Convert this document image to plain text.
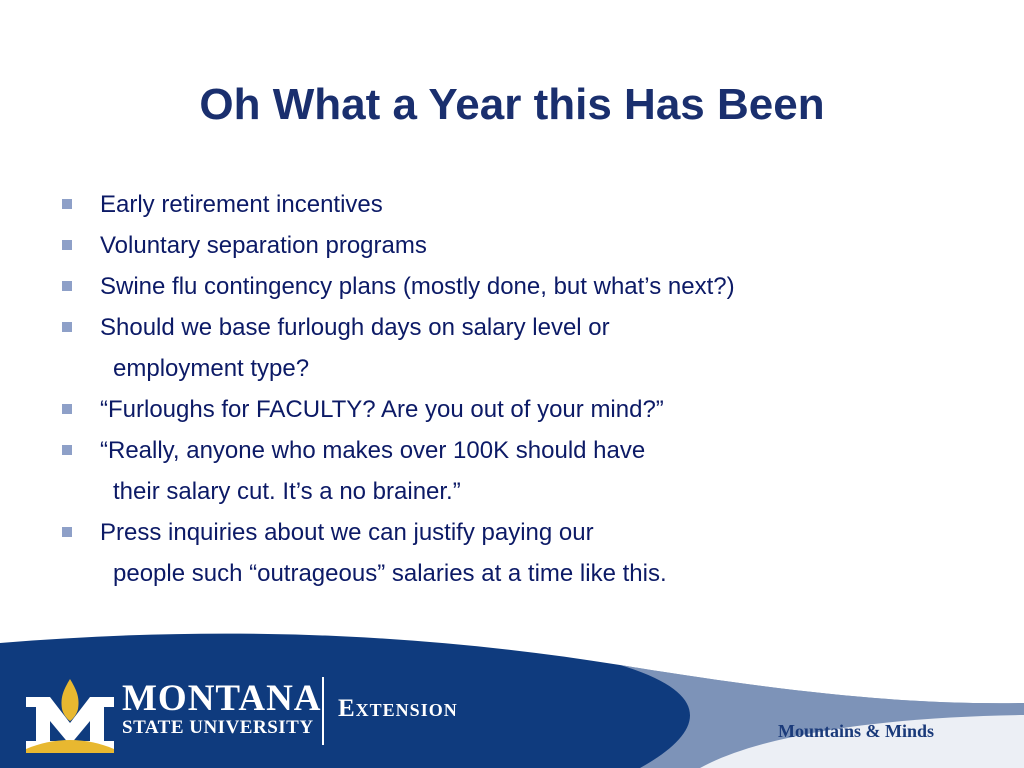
Oh What a Year this Has Been
Early retirement incentives
Voluntary separation programs
Swine flu contingency plans (mostly done, but what’s next?)
Should we base furlough days on salary level or
employment type?
“Furloughs for FACULTY? Are you out of your mind?”
“Really, anyone who makes over 100K should have
their salary cut. It’s a no brainer.”
Press inquiries about we can justify paying our
people such “outrageous” salaries at a time like this.
MONTANA
STATE UNIVERSITY
Extension
Mountains & Minds
